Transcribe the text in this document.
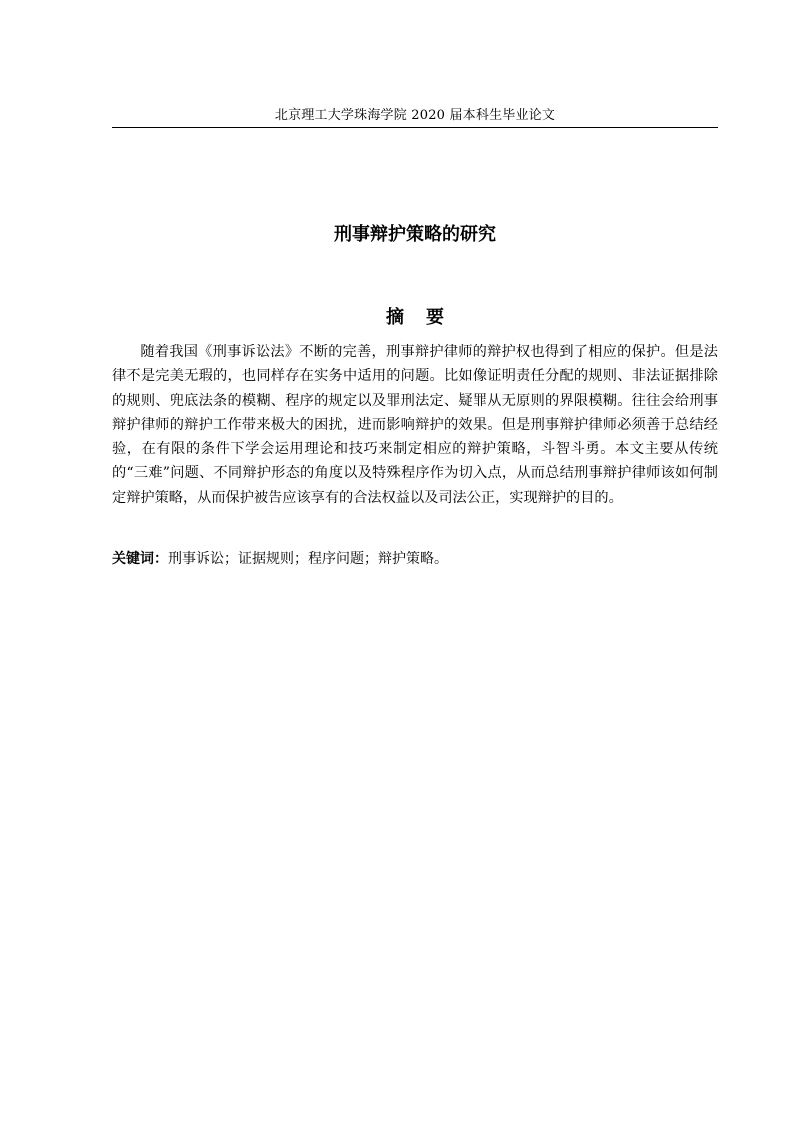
北京理工大学珠海学院 2020 届本科生毕业论文
刑事辩护策略的研究
摘 要

随着我国《刑事诉讼法》不断的完善，刑事辩护律师的辩护权也得到了相应的保护。但是法律不是完美无瑕的，也同样存在实务中适用的问题。比如像证明责任分配的规则、非法证据排除的规则、兜底法条的模糊、程序的规定以及罪刑法定、疑罪从无原则的界限模糊。往往会给刑事辩护律师的辩护工作带来极大的困扰，进而影响辩护的效果。但是刑事辩护律师必须善于总结经验，在有限的条件下学会运用理论和技巧来制定相应的辩护策略，斗智斗勇。本文主要从传统的“三难”问题、不同辩护形态的角度以及特殊程序作为切入点，从而总结刑事辩护律师该如何制定辩护策略，从而保护被告应该享有的合法权益以及司法公正，实现辩护的目的。

关键词：刑事诉讼；证据规则；程序问题；辩护策略。
